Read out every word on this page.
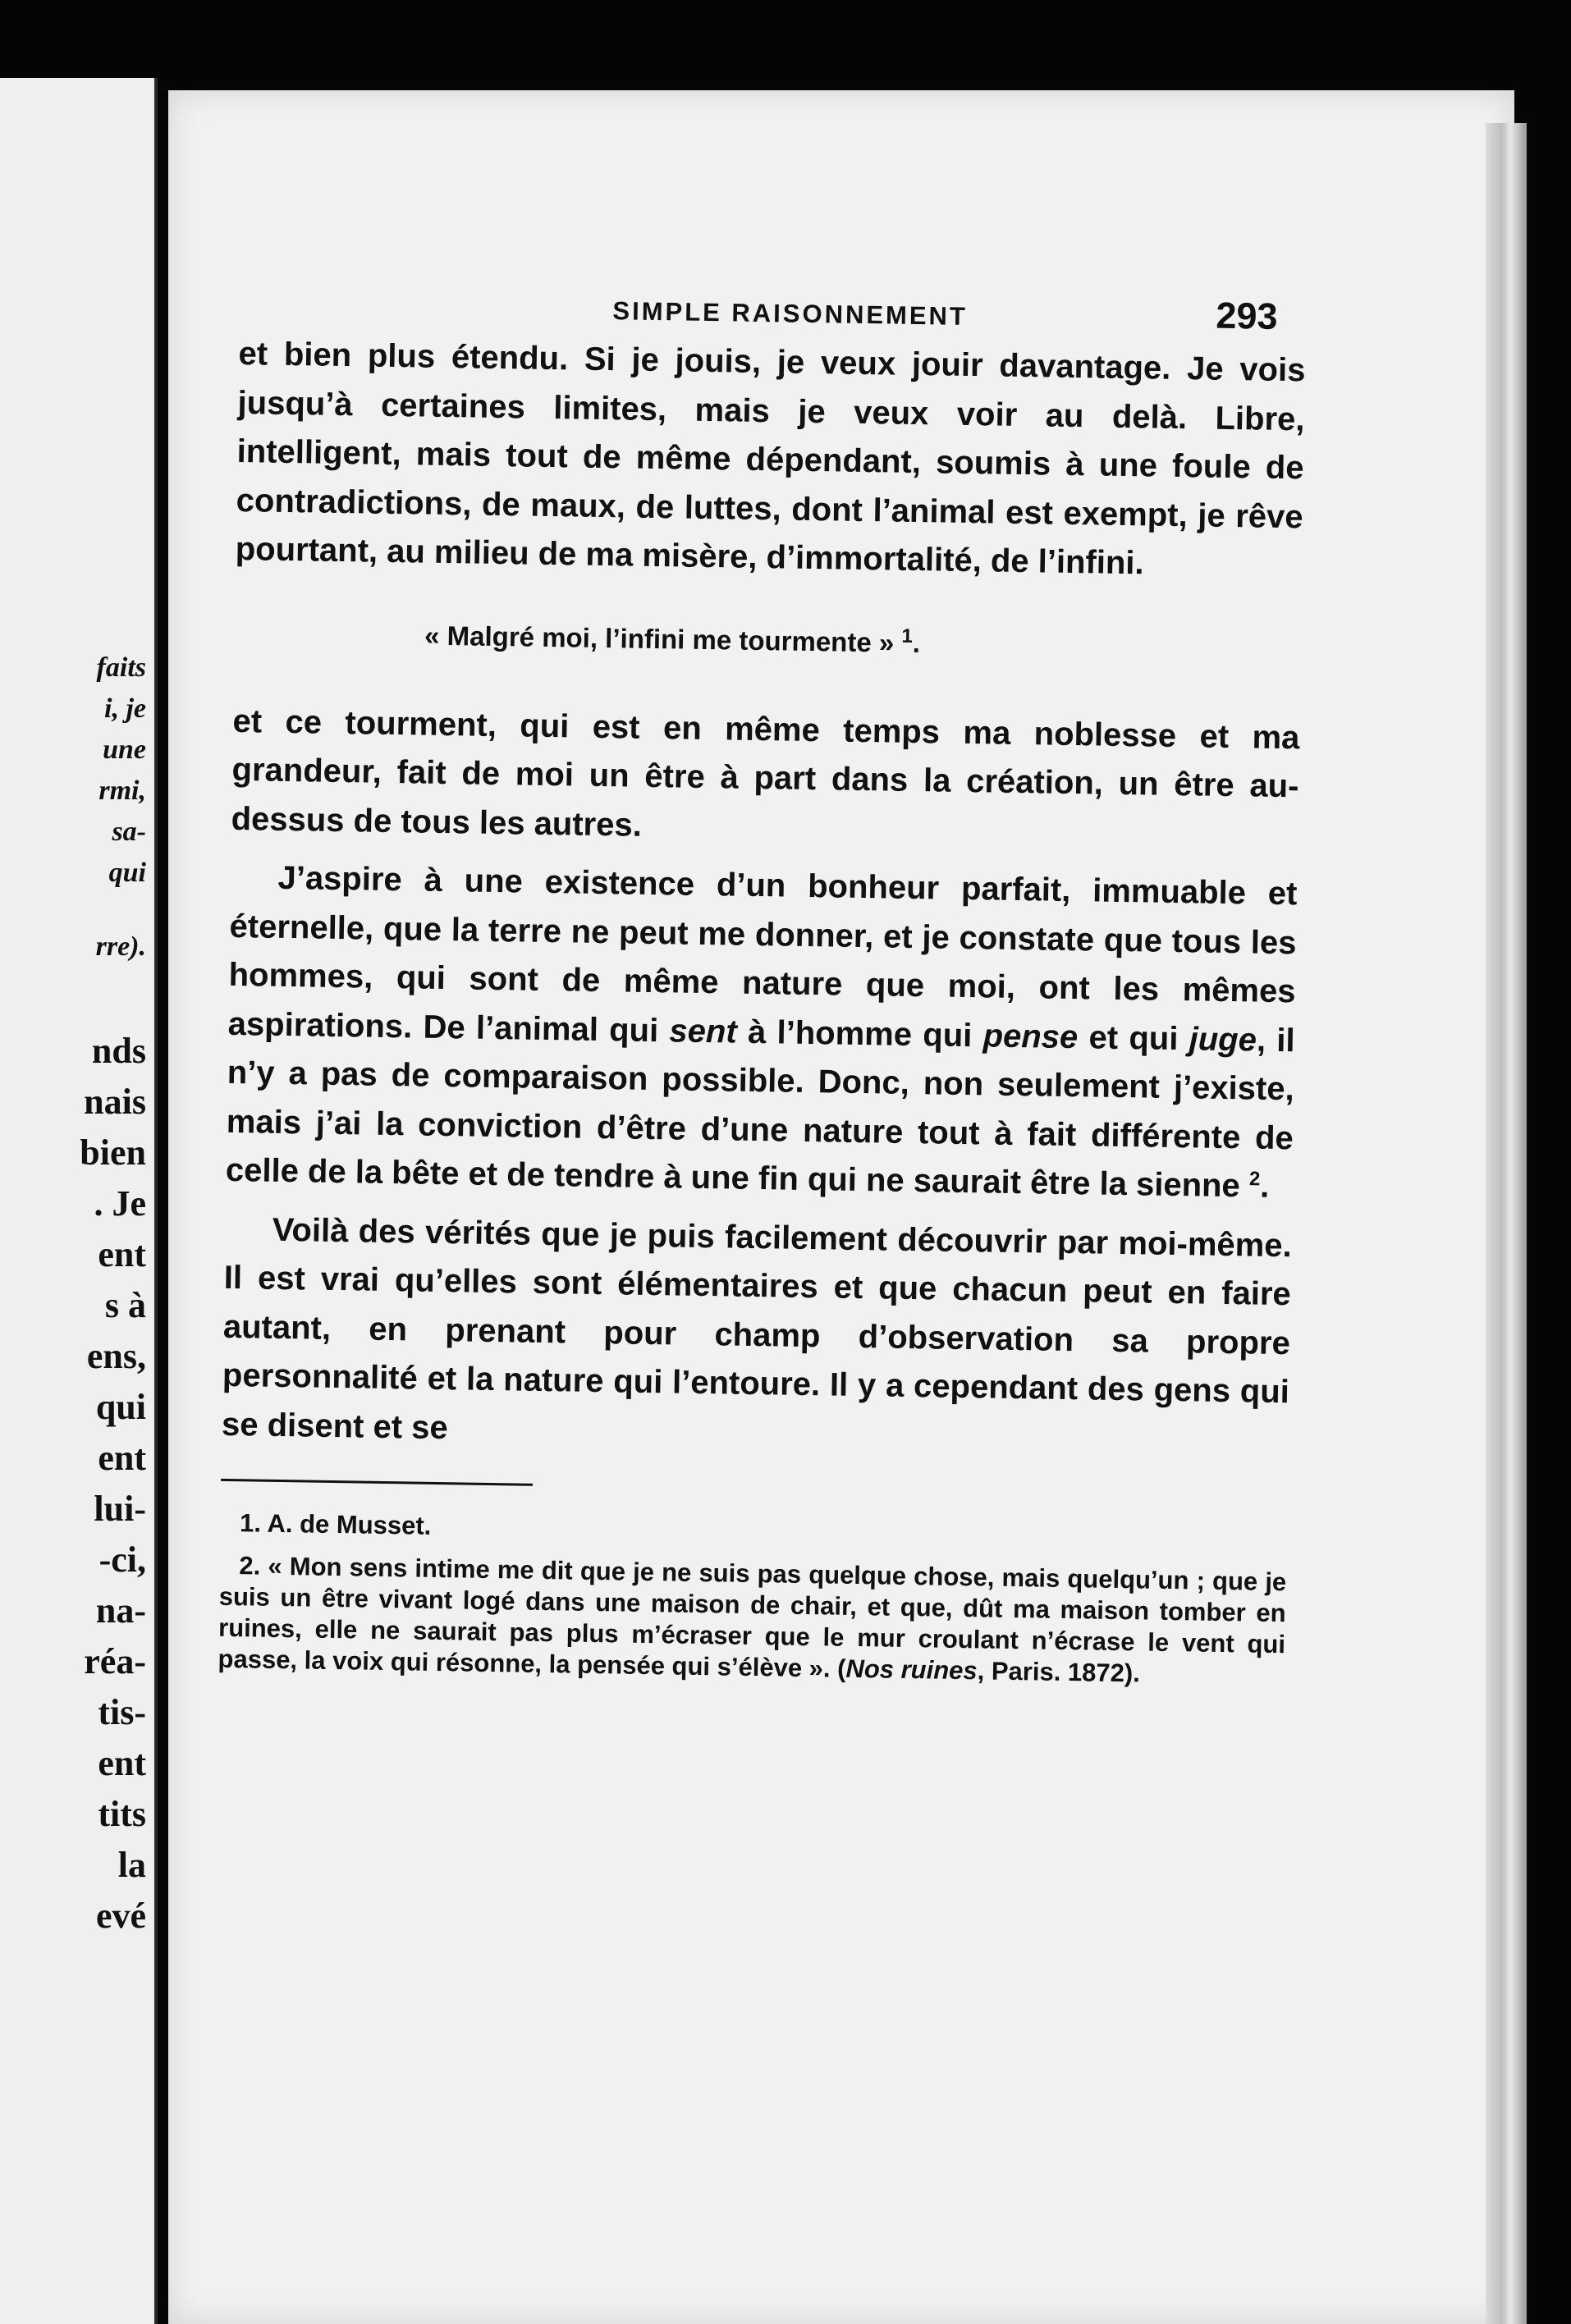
faits
i, je
une
rmi,
sa-
qui
rre).
nds
nais
bien
. Je
ent
s à
ens,
qui
ent
lui-
-ci,
na-
réa-
tis-
ent
tits
la
evé
SIMPLE RAISONNEMENT	293

et bien plus étendu. Si je jouis, je veux jouir davantage. Je vois jusqu’à certaines limites, mais je veux voir au delà. Libre, intelligent, mais tout de même dépendant, soumis à une foule de contradictions, de maux, de luttes, dont l’animal est exempt, je rêve pourtant, au milieu de ma misère, d’immortalité, de l’infini.

« Malgré moi, l’infini me tourmente » $^1$.

et ce tourment, qui est en même temps ma noblesse et ma grandeur, fait de moi un être à part dans la création, un être au-dessus de tous les autres.

J’aspire à une existence d’un bonheur parfait, immuable et éternelle, que la terre ne peut me donner, et je constate que tous les hommes, qui sont de même nature que moi, ont les mêmes aspirations. De l’animal qui sent à l’homme qui pense et qui juge, il n’y a pas de comparaison possible. Donc, non seulement j’existe, mais j’ai la conviction d’être d’une nature tout à fait différente de celle de la bête et de tendre à une fin qui ne saurait être la sienne $^2$.

Voilà des vérités que je puis facilement découvrir par moi-même. Il est vrai qu’elles sont élémentaires et que chacun peut en faire autant, en prenant pour champ d’observation sa propre personnalité et la nature qui l’entoure. Il y a cependant des gens qui se disent et se

1. A. de Musset.

2. « Mon sens intime me dit que je ne suis pas quelque chose, mais quelqu’un ; que je suis un être vivant logé dans une maison de chair, et que, dût ma maison tomber en ruines, elle ne saurait pas plus m’écraser que le mur croulant n’écrase le vent qui passe, la voix qui résonne, la pensée qui s’élève ». (Nos ruines, Paris. 1872).
